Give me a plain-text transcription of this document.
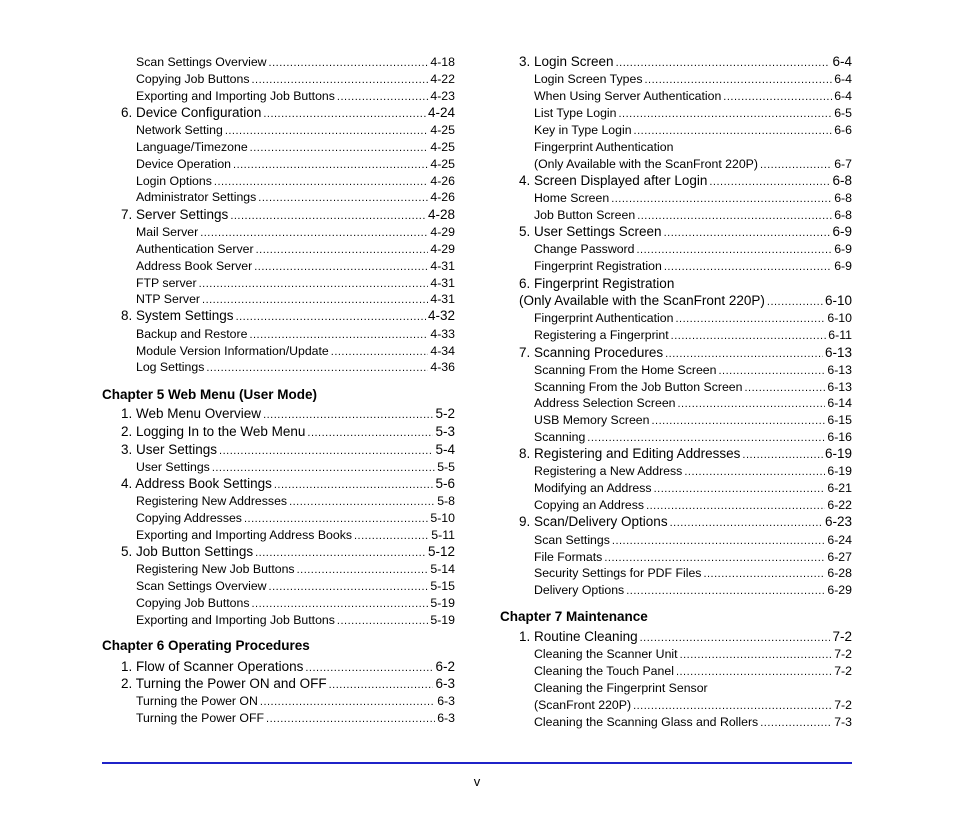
Scan Settings Overview .....	4-18
Copying Job Buttons .....	4-22
Exporting and Importing Job Buttons .....	4-23
6. Device Configuration .....	4-24
Network Setting .....	4-25
Language/Timezone .....	4-25
Device Operation .....	4-25
Login Options .....	4-26
Administrator Settings .....	4-26
7. Server Settings .....	4-28
Mail Server .....	4-29
Authentication Server .....	4-29
Address Book Server .....	4-31
FTP server .....	4-31
NTP Server .....	4-31
8. System Settings .....	4-32
Backup and Restore .....	4-33
Module Version Information/Update .....	4-34
Log Settings .....	4-36
Chapter 5 Web Menu (User Mode)
1. Web Menu Overview .....	5-2
2. Logging In to the Web Menu .....	5-3
3. User Settings .....	5-4
User Settings .....	5-5
4. Address Book Settings .....	5-6
Registering New Addresses .....	5-8
Copying Addresses .....	5-10
Exporting and Importing Address Books .....	5-11
5. Job Button Settings .....	5-12
Registering New Job Buttons .....	5-14
Scan Settings Overview .....	5-15
Copying Job Buttons .....	5-19
Exporting and Importing Job Buttons .....	5-19
Chapter 6 Operating Procedures
1. Flow of Scanner Operations .....	6-2
2. Turning the Power ON and OFF .....	6-3
Turning the Power ON .....	6-3
Turning the Power OFF .....	6-3
3. Login Screen .....	6-4
Login Screen Types .....	6-4
When Using Server Authentication .....	6-4
List Type Login .....	6-5
Key in Type Login .....	6-6
Fingerprint Authentication
(Only Available with the ScanFront 220P) .....	6-7
4. Screen Displayed after Login .....	6-8
Home Screen .....	6-8
Job Button Screen .....	6-8
5. User Settings Screen .....	6-9
Change Password .....	6-9
Fingerprint Registration .....	6-9
6. Fingerprint Registration
(Only Available with the ScanFront 220P) .....	6-10
Fingerprint Authentication .....	6-10
Registering a Fingerprint .....	6-11
7. Scanning Procedures .....	6-13
Scanning From the Home Screen .....	6-13
Scanning From the Job Button Screen .....	6-13
Address Selection Screen .....	6-14
USB Memory Screen .....	6-15
Scanning .....	6-16
8. Registering and Editing Addresses .....	6-19
Registering a New Address .....	6-19
Modifying an Address .....	6-21
Copying an Address .....	6-22
9. Scan/Delivery Options .....	6-23
Scan Settings .....	6-24
File Formats .....	6-27
Security Settings for PDF Files .....	6-28
Delivery Options .....	6-29
Chapter 7 Maintenance
1. Routine Cleaning .....	7-2
Cleaning the Scanner Unit .....	7-2
Cleaning the Touch Panel .....	7-2
Cleaning the Fingerprint Sensor
(ScanFront 220P) .....	7-2
Cleaning the Scanning Glass and Rollers .....	7-3
v
